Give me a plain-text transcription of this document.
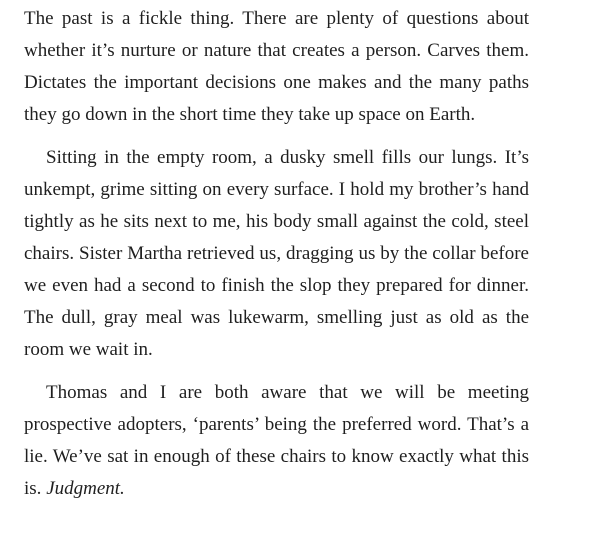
The past is a fickle thing. There are plenty of questions about whether it’s nurture or nature that creates a person. Carves them. Dictates the important decisions one makes and the many paths they go down in the short time they take up space on Earth.

Sitting in the empty room, a dusky smell fills our lungs. It’s unkempt, grime sitting on every surface. I hold my brother’s hand tightly as he sits next to me, his body small against the cold, steel chairs. Sister Martha retrieved us, dragging us by the collar before we even had a second to finish the slop they prepared for dinner. The dull, gray meal was lukewarm, smelling just as old as the room we wait in.

Thomas and I are both aware that we will be meeting prospective adopters, ‘parents’ being the preferred word. That’s a lie. We’ve sat in enough of these chairs to know exactly what this is. Judgment.
